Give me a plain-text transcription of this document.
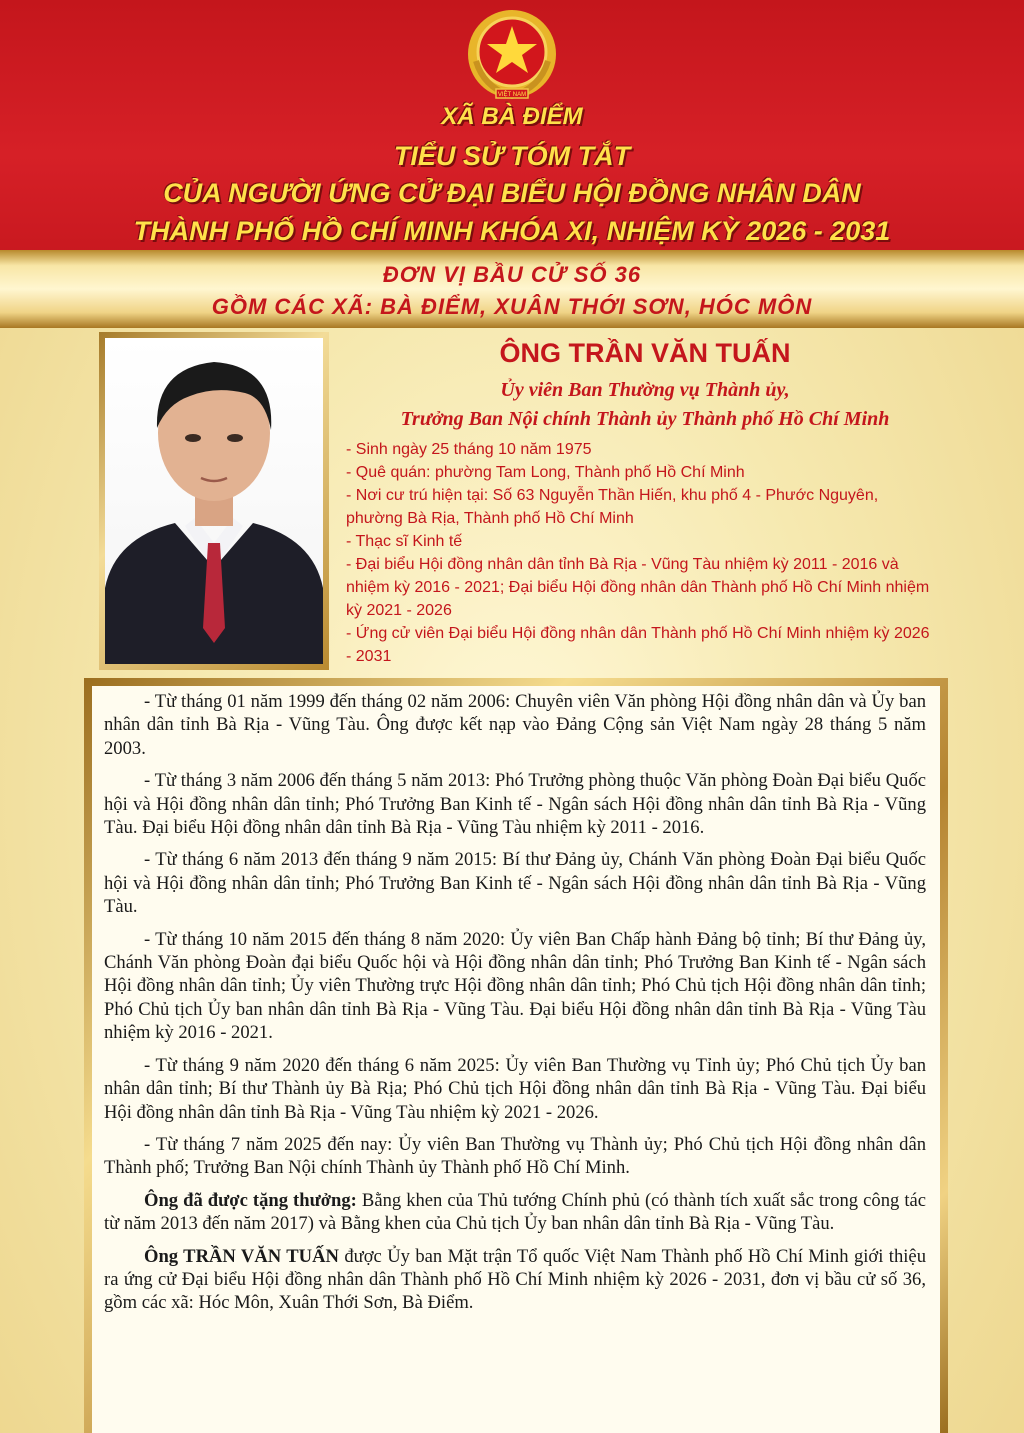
VIỆT NAM
XÃ BÀ ĐIỂM
TIỂU SỬ TÓM TẮT
CỦA NGƯỜI ỨNG CỬ ĐẠI BIỂU HỘI ĐỒNG NHÂN DÂN
THÀNH PHỐ HỒ CHÍ MINH KHÓA XI, NHIỆM KỲ 2026 - 2031
ĐƠN VỊ BẦU CỬ SỐ 36
GỒM CÁC XÃ: BÀ ĐIỂM, XUÂN THỚI SƠN, HÓC MÔN
ÔNG TRẦN VĂN TUẤN
Ủy viên Ban Thường vụ Thành ủy,
Trưởng Ban Nội chính Thành ủy Thành phố Hồ Chí Minh
- Sinh ngày 25 tháng 10 năm 1975
- Quê quán: phường Tam Long, Thành phố Hồ Chí Minh
- Nơi cư trú hiện tại: Số 63 Nguyễn Thần Hiến, khu phố 4 - Phước Nguyên, phường Bà Rịa, Thành phố Hồ Chí Minh
- Thạc sĩ Kinh tế
- Đại biểu Hội đồng nhân dân tỉnh Bà Rịa - Vũng Tàu nhiệm kỳ 2011 - 2016 và nhiệm kỳ 2016 - 2021; Đại biểu Hội đồng nhân dân Thành phố Hồ Chí Minh nhiệm kỳ 2021 - 2026
- Ứng cử viên Đại biểu Hội đồng nhân dân Thành phố Hồ Chí Minh nhiệm kỳ 2026 - 2031

- Từ tháng 01 năm 1999 đến tháng 02 năm 2006: Chuyên viên Văn phòng Hội đồng nhân dân và Ủy ban nhân dân tỉnh Bà Rịa - Vũng Tàu. Ông được kết nạp vào Đảng Cộng sản Việt Nam ngày 28 tháng 5 năm 2003.

- Từ tháng 3 năm 2006 đến tháng 5 năm 2013: Phó Trưởng phòng thuộc Văn phòng Đoàn Đại biểu Quốc hội và Hội đồng nhân dân tỉnh; Phó Trưởng Ban Kinh tế - Ngân sách Hội đồng nhân dân tỉnh Bà Rịa - Vũng Tàu. Đại biểu Hội đồng nhân dân tỉnh Bà Rịa - Vũng Tàu nhiệm kỳ 2011 - 2016.

- Từ tháng 6 năm 2013 đến tháng 9 năm 2015: Bí thư Đảng ủy, Chánh Văn phòng Đoàn Đại biểu Quốc hội và Hội đồng nhân dân tỉnh; Phó Trưởng Ban Kinh tế - Ngân sách Hội đồng nhân dân tỉnh Bà Rịa - Vũng Tàu.

- Từ tháng 10 năm 2015 đến tháng 8 năm 2020: Ủy viên Ban Chấp hành Đảng bộ tỉnh; Bí thư Đảng ủy, Chánh Văn phòng Đoàn đại biểu Quốc hội và Hội đồng nhân dân tỉnh; Phó Trưởng Ban Kinh tế - Ngân sách Hội đồng nhân dân tỉnh; Ủy viên Thường trực Hội đồng nhân dân tỉnh; Phó Chủ tịch Hội đồng nhân dân tỉnh; Phó Chủ tịch Ủy ban nhân dân tỉnh Bà Rịa - Vũng Tàu. Đại biểu Hội đồng nhân dân tỉnh Bà Rịa - Vũng Tàu nhiệm kỳ 2016 - 2021.

- Từ tháng 9 năm 2020 đến tháng 6 năm 2025: Ủy viên Ban Thường vụ Tỉnh ủy; Phó Chủ tịch Ủy ban nhân dân tỉnh; Bí thư Thành ủy Bà Rịa; Phó Chủ tịch Hội đồng nhân dân tỉnh Bà Rịa - Vũng Tàu. Đại biểu Hội đồng nhân dân tỉnh Bà Rịa - Vũng Tàu nhiệm kỳ 2021 - 2026.

- Từ tháng 7 năm 2025 đến nay: Ủy viên Ban Thường vụ Thành ủy; Phó Chủ tịch Hội đồng nhân dân Thành phố; Trưởng Ban Nội chính Thành ủy Thành phố Hồ Chí Minh.

Ông đã được tặng thưởng: Bằng khen của Thủ tướng Chính phủ (có thành tích xuất sắc trong công tác từ năm 2013 đến năm 2017) và Bằng khen của Chủ tịch Ủy ban nhân dân tỉnh Bà Rịa - Vũng Tàu.

Ông TRẦN VĂN TUẤN được Ủy ban Mặt trận Tổ quốc Việt Nam Thành phố Hồ Chí Minh giới thiệu ra ứng cử Đại biểu Hội đồng nhân dân Thành phố Hồ Chí Minh nhiệm kỳ 2026 - 2031, đơn vị bầu cử số 36, gồm các xã: Hóc Môn, Xuân Thới Sơn, Bà Điểm.
